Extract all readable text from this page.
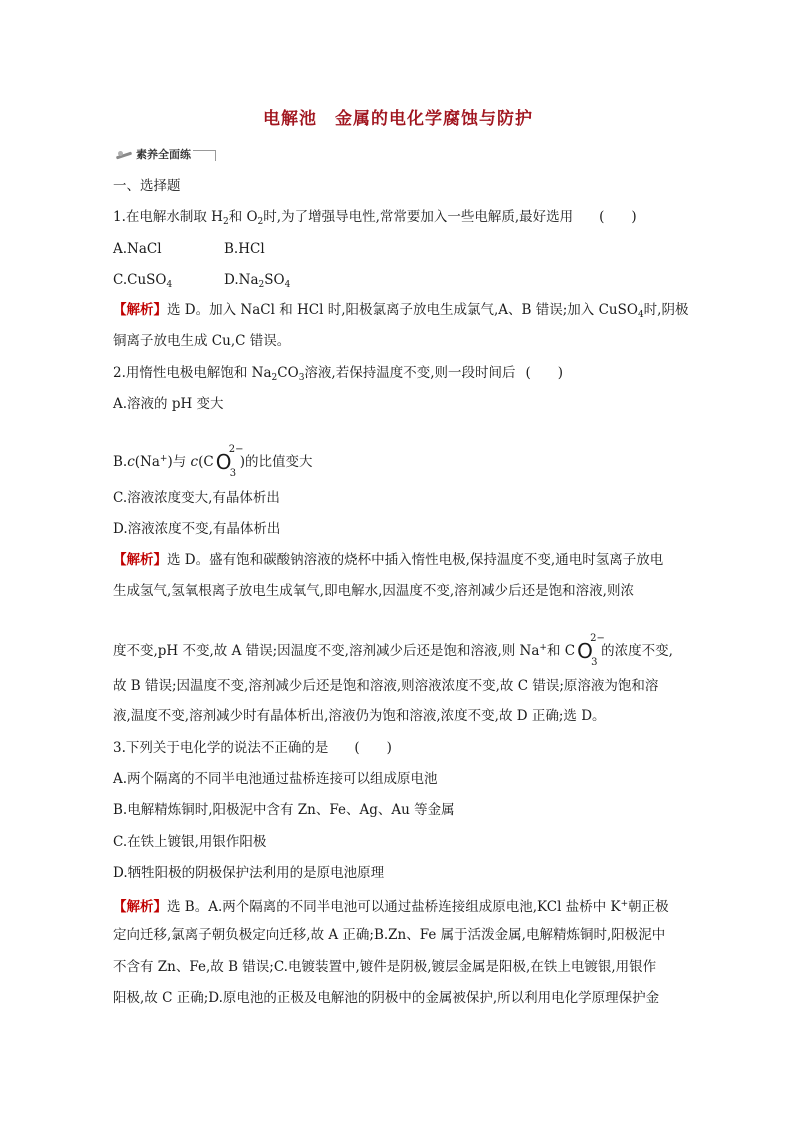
电解池　金属的电化学腐蚀与防护
素养全面练
一、选择题
1.在电解水制取 $H_2$和 $O_2$时,为了增强导电性,常常要加入一些电解质,最好选用 (　　)
A.NaCl	B.HCl
C.CuSO$_4$	$D.Na_2SO_4$
【解析】选 D。加入 NaCl 和 HCl 时,阳极氯离子放电生成氯气,A、B 错误;加入 CuSO$_4$时,阴极
铜离子放电生成 Cu,C 错误。
2.用惰性电极电解饱和 $Na_2CO_3$溶液,若保持温度不变,则一段时间后 (　　)
A.溶液的 pH 变大
B.c(Na+)与 c(C O
2−
3
)的比值变大
C.溶液浓度变大,有晶体析出
D.溶液浓度不变,有晶体析出
【解析】选 D。盛有饱和碳酸钠溶液的烧杯中插入惰性电极,保持温度不变,通电时氢离子放电
生成氢气,氢氧根离子放电生成氧气,即电解水,因温度不变,溶剂减少后还是饱和溶液,则浓
度不变,pH 不变,故 A 错误;因温度不变,溶剂减少后还是饱和溶液,则 Na+和 C O
2−
3
的浓度不变,
故 B 错误;因温度不变,溶剂减少后还是饱和溶液,则溶液浓度不变,故 C 错误;原溶液为饱和溶
液,温度不变,溶剂减少时有晶体析出,溶液仍为饱和溶液,浓度不变,故 D 正确;选 D。
3.下列关于电化学的说法不正确的是 (　　)
A.两个隔离的不同半电池通过盐桥连接可以组成原电池
B.电解精炼铜时,阳极泥中含有 Zn、Fe、Ag、Au 等金属
C.在铁上镀银,用银作阳极
D.牺牲阳极的阴极保护法利用的是原电池原理
【解析】选 B。A.两个隔离的不同半电池可以通过盐桥连接组成原电池,KCl 盐桥中 K+朝正极
定向迁移,氯离子朝负极定向迁移,故 A 正确;B.Zn、Fe 属于活泼金属,电解精炼铜时,阳极泥中
不含有 Zn、Fe,故 B 错误;C.电镀装置中,镀件是阴极,镀层金属是阳极,在铁上电镀银,用银作
阳极,故 C 正确;D.原电池的正极及电解池的阴极中的金属被保护,所以利用电化学原理保护金
